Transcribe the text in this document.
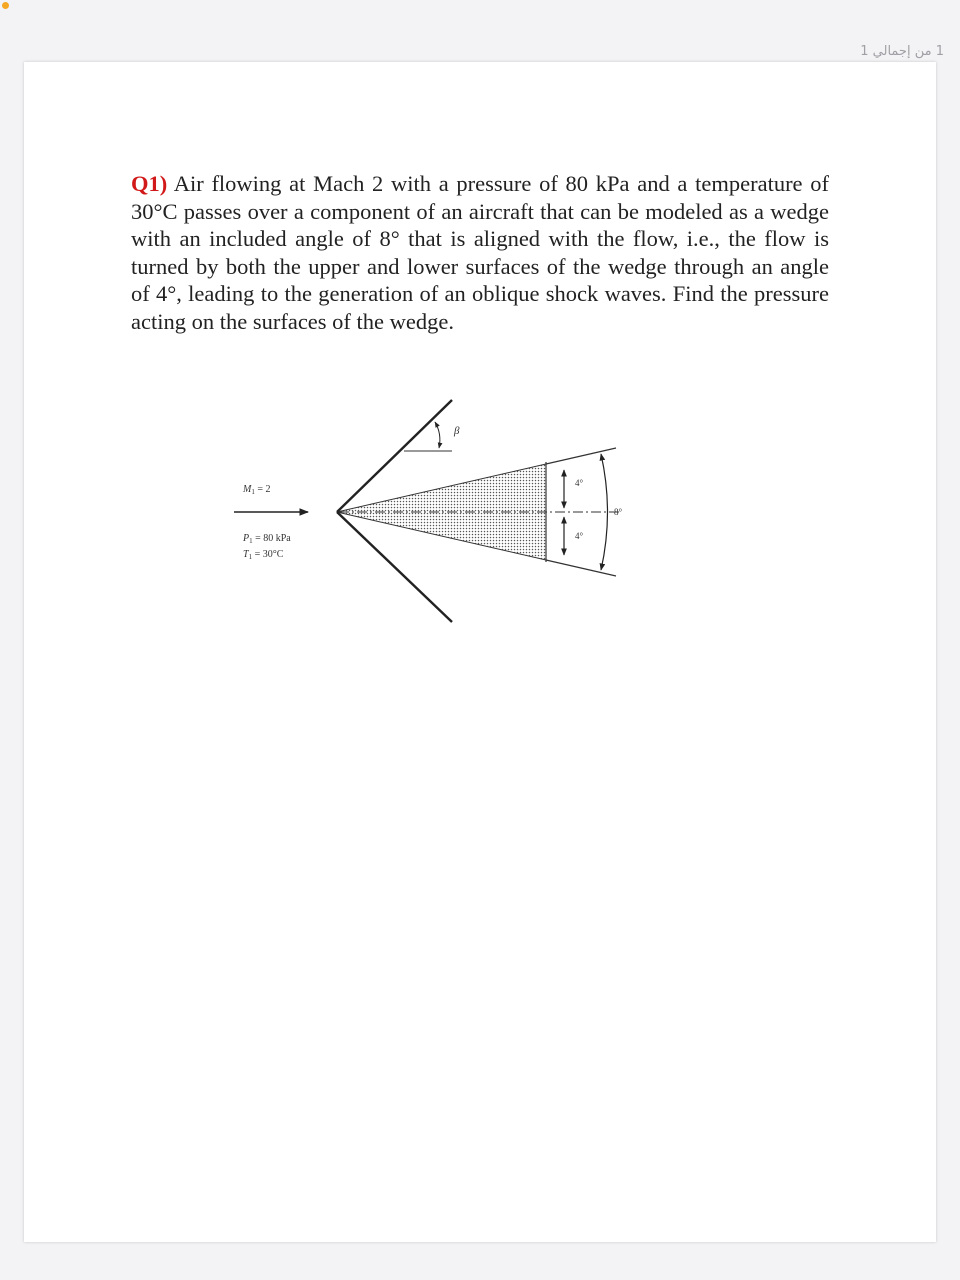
1 من إجمالي 1

Q1) Air flowing at Mach 2 with a pressure of 80 kPa and a temperature of 30°C passes over a component of an aircraft that can be modeled as a wedge with an included angle of 8° that is aligned with the flow, i.e., the flow is turned by both the upper and lower surfaces of the wedge through an angle of 4°, leading to the generation of an oblique shock waves. Find the pressure acting on the surfaces of the wedge.

β
4°
4°
8°
$M_1 = 2$
$P_1 = 80$ kPa
$T_1 = 30^\circ C$
